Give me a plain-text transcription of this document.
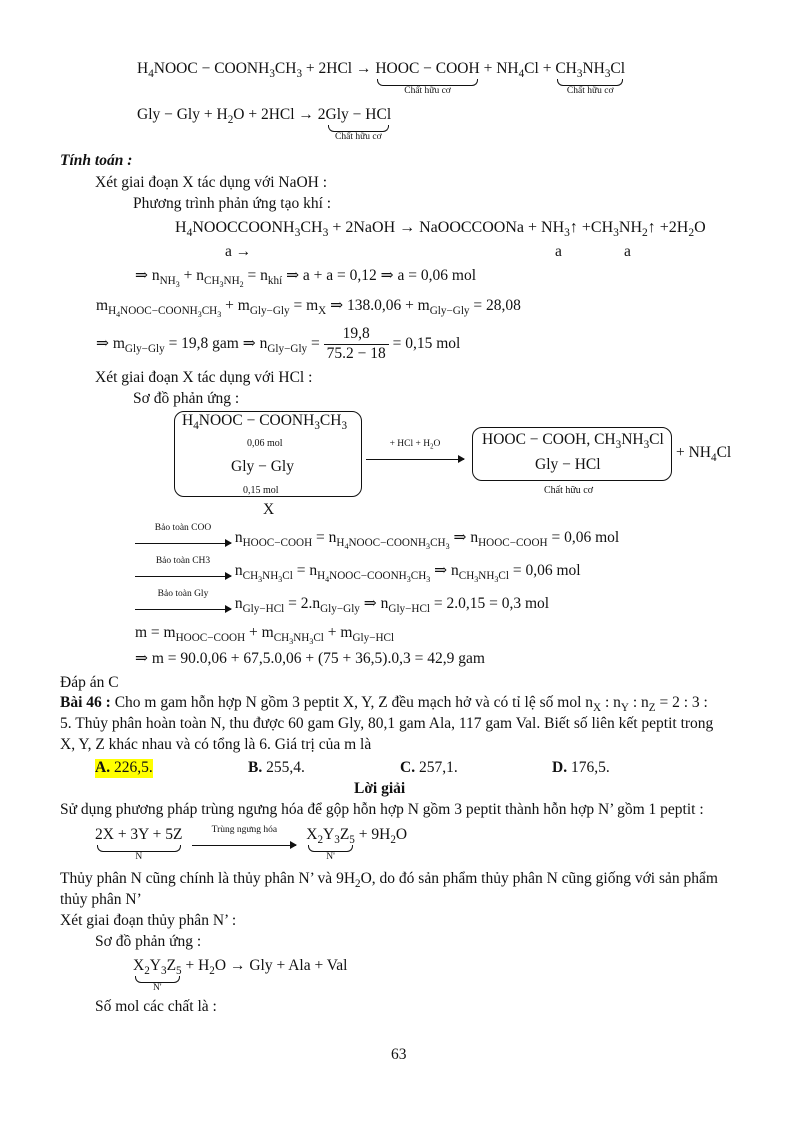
$H_4NOOC$ − $COONH_3CH_3 + 2HCl$ → HOOC − COOH
Chất hữu cơ
+ $NH_4Cl + CH_3NH_3Cl$
Chất hữu cơ
Gly − Gly + $H_2O + 2HCl \to 2$ Gly − HCl
Chất hữu cơ
Tính toán :
Xét giai đoạn X tác dụng với NaOH :
Phương trình phản ứng tạo khí :
$H_4NOOCCOONH_3CH_3$ + 2NaOH → NaOOCCOONa + $NH_3↑$ $+CH_3NH_2↑ +2H_2O$
a →	a	a
⇒ $n_{NH_3} + n_{CH_3NH_2} = n_{khí}$ ⇒ a + a = 0,12 ⇒ a = 0,06 mol
$m_{H_4NOOC-COONH_3CH_3} + m_{Gly-Gly} = m_X$ ⇒ $138.0,06 + m_{Gly-Gly} = 28,08$
⇒ $m_{Gly-Gly} = 19,8$ gam ⇒ $n_{Gly-Gly} = \frac{19,8}{75.2 - 18} = 0,15$ mol
Xét giai đoạn X tác dụng với HCl :
Sơ đồ phản ứng :
$H_4NOOC$ − $COONH_3CH_3$
0,06 mol
Gly − Gly
0,15 mol
X
+ HCl + $H_2O$	HOOC − COOH, $CH_3NH_3Cl$
Gly − HCl
Chất hữu cơ
+ $NH_4Cl$
Bảo toàn COO
$n_{HOOC-COOH} = n_{H_4NOOC-COONH_3CH_3}$ ⇒ $n_{HOOC-COOH} = 0,06$ mol
Bảo toàn CH3
$n_{CH_3NH_3Cl} = n_{H_4NOOC-COONH_3CH_3}$ ⇒ $n_{CH_3NH_3Cl} = 0,06$ mol
Bảo toàn Gly
$n_{Gly-HCl} = 2.n_{Gly-Gly}$ ⇒ $n_{Gly-HCl} = 2.0,15 = 0,3$ mol
$m = m_{HOOC-COOH} + m_{CH_3NH_3Cl} + m_{Gly-HCl}$
⇒ m = 90.0,06 + 67,5.0,06 + (75 + 36,5).0,3 = 42,9 gam
Đáp án C
Bài 46 : Cho m gam hỗn hợp N gồm 3 peptit X, Y, Z đều mạch hở và có tỉ lệ số mol $n_X$ : $n_Y$ : $n_Z = 2$ : 3 :
5. Thủy phân hoàn toàn N, thu được 60 gam Gly, 80,1 gam Ala, 117 gam Val. Biết số liên kết peptit trong
X, Y, Z khác nhau và có tổng là 6. Giá trị của m là
A. 226,5.	B. 255,4.	C. 257,1.	D. 176,5.
Lời giải
Sử dụng phương pháp trùng ngưng hóa để gộp hỗn hợp N gồm 3 peptit thành hỗn hợp N’ gồm 1 peptit :
2X + 3Y + 5Z
N

Trùng ngưng hóa
	$X_2Y_3Z_5$
N'
+ $9H_2O$
Thủy phân N cũng chính là thủy phân N’ và $9H_2O$, do đó sản phẩm thủy phân N cũng giống với sản phẩm
thủy phân N’
Xét giai đoạn thủy phân N’ :
Sơ đồ phản ứng :
$X_2Y_3Z_5$
N'
+ $H_2O$ → Gly + Ala + Val
Số mol các chất là :
63
